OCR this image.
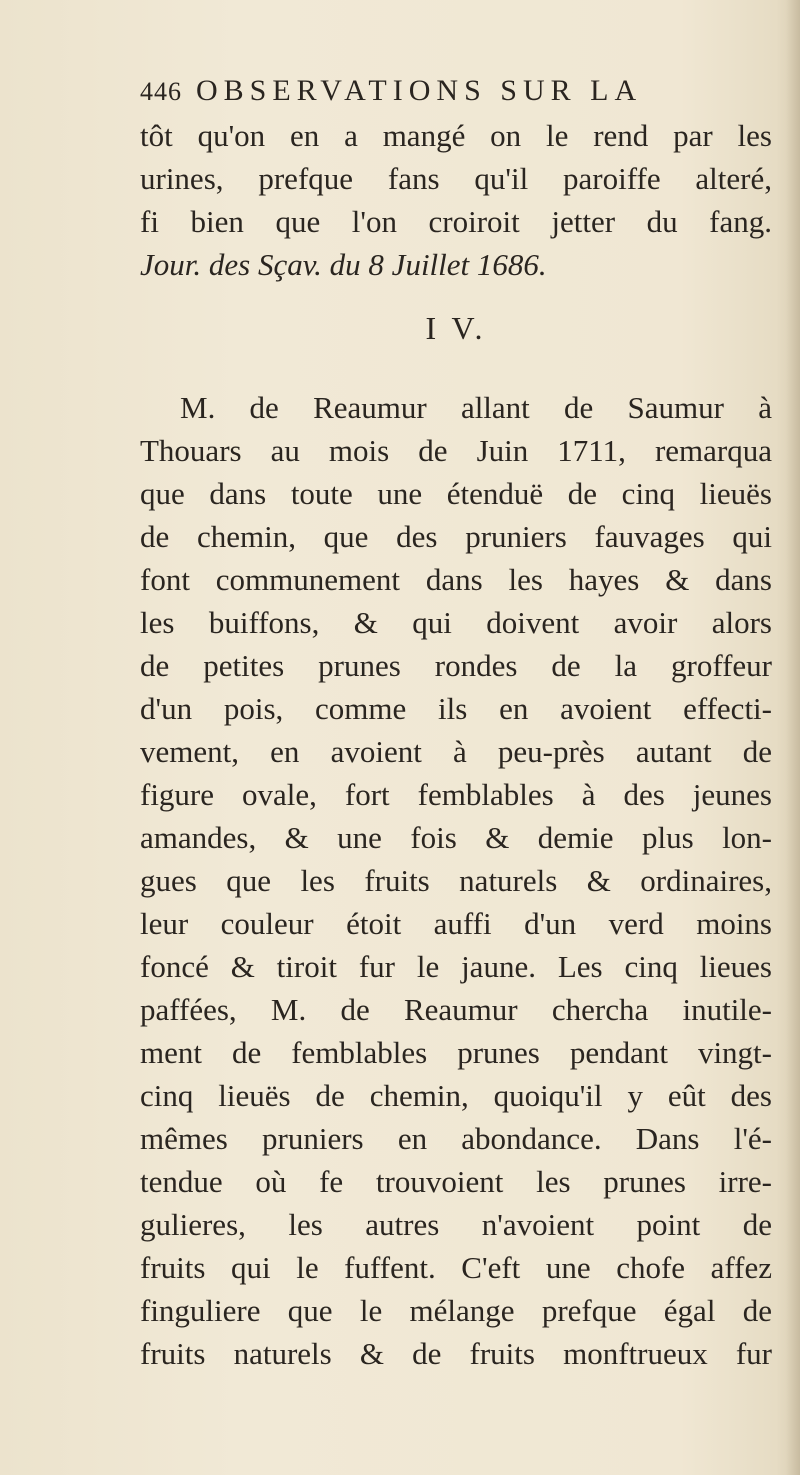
446 OBSERVATIONS SUR LA
tôt qu'on en a mangé on le rend par les
urines, prefque fans qu'il paroiffe alteré,
fi bien que l'on croiroit jetter du fang.
Jour. des Sçav. du 8 Juillet 1686.
I V.
M. de Reaumur allant de Saumur à
Thouars au mois de Juin 1711, remarqua
que dans toute une étenduë de cinq lieuës
de chemin, que des pruniers fauvages qui
font communement dans les hayes & dans
les buiffons, & qui doivent avoir alors
de petites prunes rondes de la groffeur
d'un pois, comme ils en avoient effecti-
vement, en avoient à peu-près autant de
figure ovale, fort femblables à des jeunes
amandes, & une fois & demie plus lon-
gues que les fruits naturels & ordinaires,
leur couleur étoit auffi d'un verd moins
foncé & tiroit fur le jaune. Les cinq lieues
paffées, M. de Reaumur chercha inutile-
ment de femblables prunes pendant vingt-
cinq lieuës de chemin, quoiqu'il y eût des
mêmes pruniers en abondance. Dans l'é-
tendue où fe trouvoient les prunes irre-
gulieres, les autres n'avoient point de
fruits qui le fuffent. C'eft une chofe affez
finguliere que le mélange prefque égal de
fruits naturels & de fruits monftrueux fur
